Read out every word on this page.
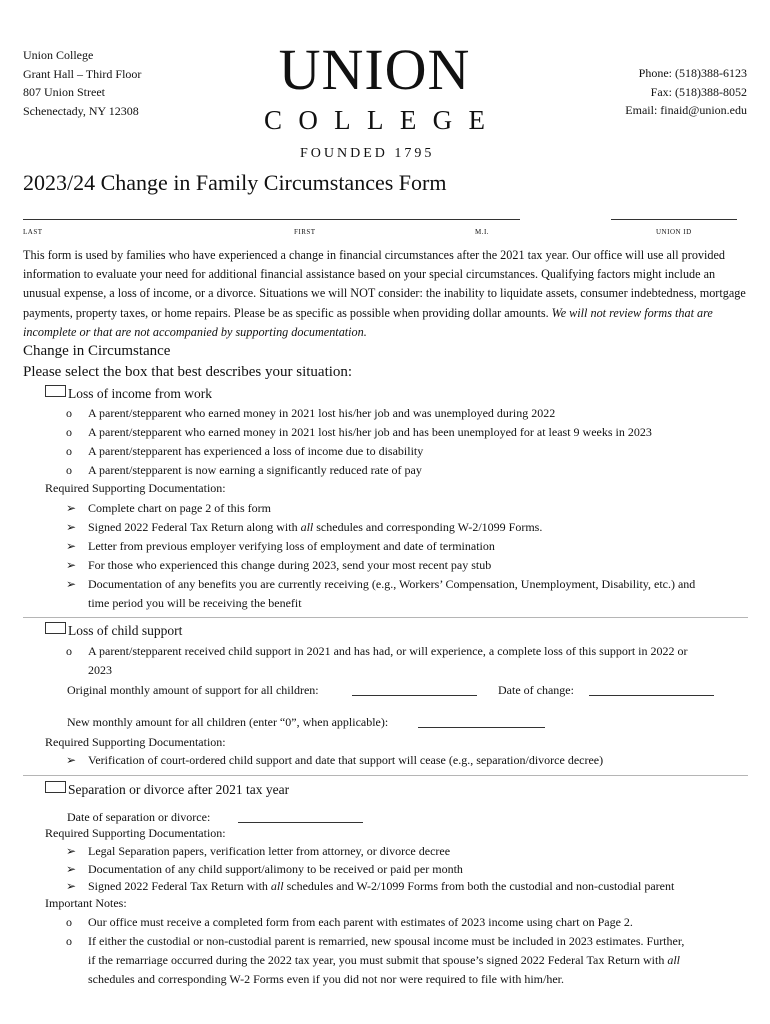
Union College
Grant Hall – Third Floor
807 Union Street
Schenectady, NY 12308
UNION
C O L L E G E
FOUNDED 1795
Phone: (518)388-6123
Fax: (518)388-8052
Email: finaid@union.edu
2023/24 Change in Family Circumstances Form
LAST	FIRST	M.I.	UNION ID
This form is used by families who have experienced a change in financial circumstances after the 2021 tax year. Our office will use all provided information to evaluate your need for additional financial assistance based on your special circumstances. Qualifying factors might include an unusual expense, a loss of income, or a divorce. Situations we will NOT consider: the inability to liquidate assets, consumer indebtedness, mortgage payments, property taxes, or home repairs. Please be as specific as possible when providing dollar amounts. We will not review forms that are incomplete or that are not accompanied by supporting documentation.
Change in Circumstance
Please select the box that best describes your situation:
Loss of income from work
o A parent/stepparent who earned money in 2021 lost his/her job and was unemployed during 2022
o A parent/stepparent who earned money in 2021 lost his/her job and has been unemployed for at least 9 weeks in 2023
o A parent/stepparent has experienced a loss of income due to disability
o A parent/stepparent is now earning a significantly reduced rate of pay
Required Supporting Documentation:
➢ Complete chart on page 2 of this form
➢ Signed 2022 Federal Tax Return along with all schedules and corresponding W-2/1099 Forms.
➢ Letter from previous employer verifying loss of employment and date of termination
➢ For those who experienced this change during 2023, send your most recent pay stub
➢ Documentation of any benefits you are currently receiving (e.g., Workers’ Compensation, Unemployment, Disability, etc.) and
time period you will be receiving the benefit
Loss of child support
o A parent/stepparent received child support in 2021 and has had, or will experience, a complete loss of this support in 2022 or
2023
Original monthly amount of support for all children:	Date of change:
New monthly amount for all children (enter “0”, when applicable):
Required Supporting Documentation:
➢ Verification of court-ordered child support and date that support will cease (e.g., separation/divorce decree)
Separation or divorce after 2021 tax year
Date of separation or divorce:
Required Supporting Documentation:
➢ Legal Separation papers, verification letter from attorney, or divorce decree
➢ Documentation of any child support/alimony to be received or paid per month
➢ Signed 2022 Federal Tax Return with all schedules and W-2/1099 Forms from both the custodial and non-custodial parent
Important Notes:
o Our office must receive a completed form from each parent with estimates of 2023 income using chart on Page 2.
o If either the custodial or non-custodial parent is remarried, new spousal income must be included in 2023 estimates. Further,
if the remarriage occurred during the 2022 tax year, you must submit that spouse’s signed 2022 Federal Tax Return with all
schedules and corresponding W-2 Forms even if you did not nor were required to file with him/her.
